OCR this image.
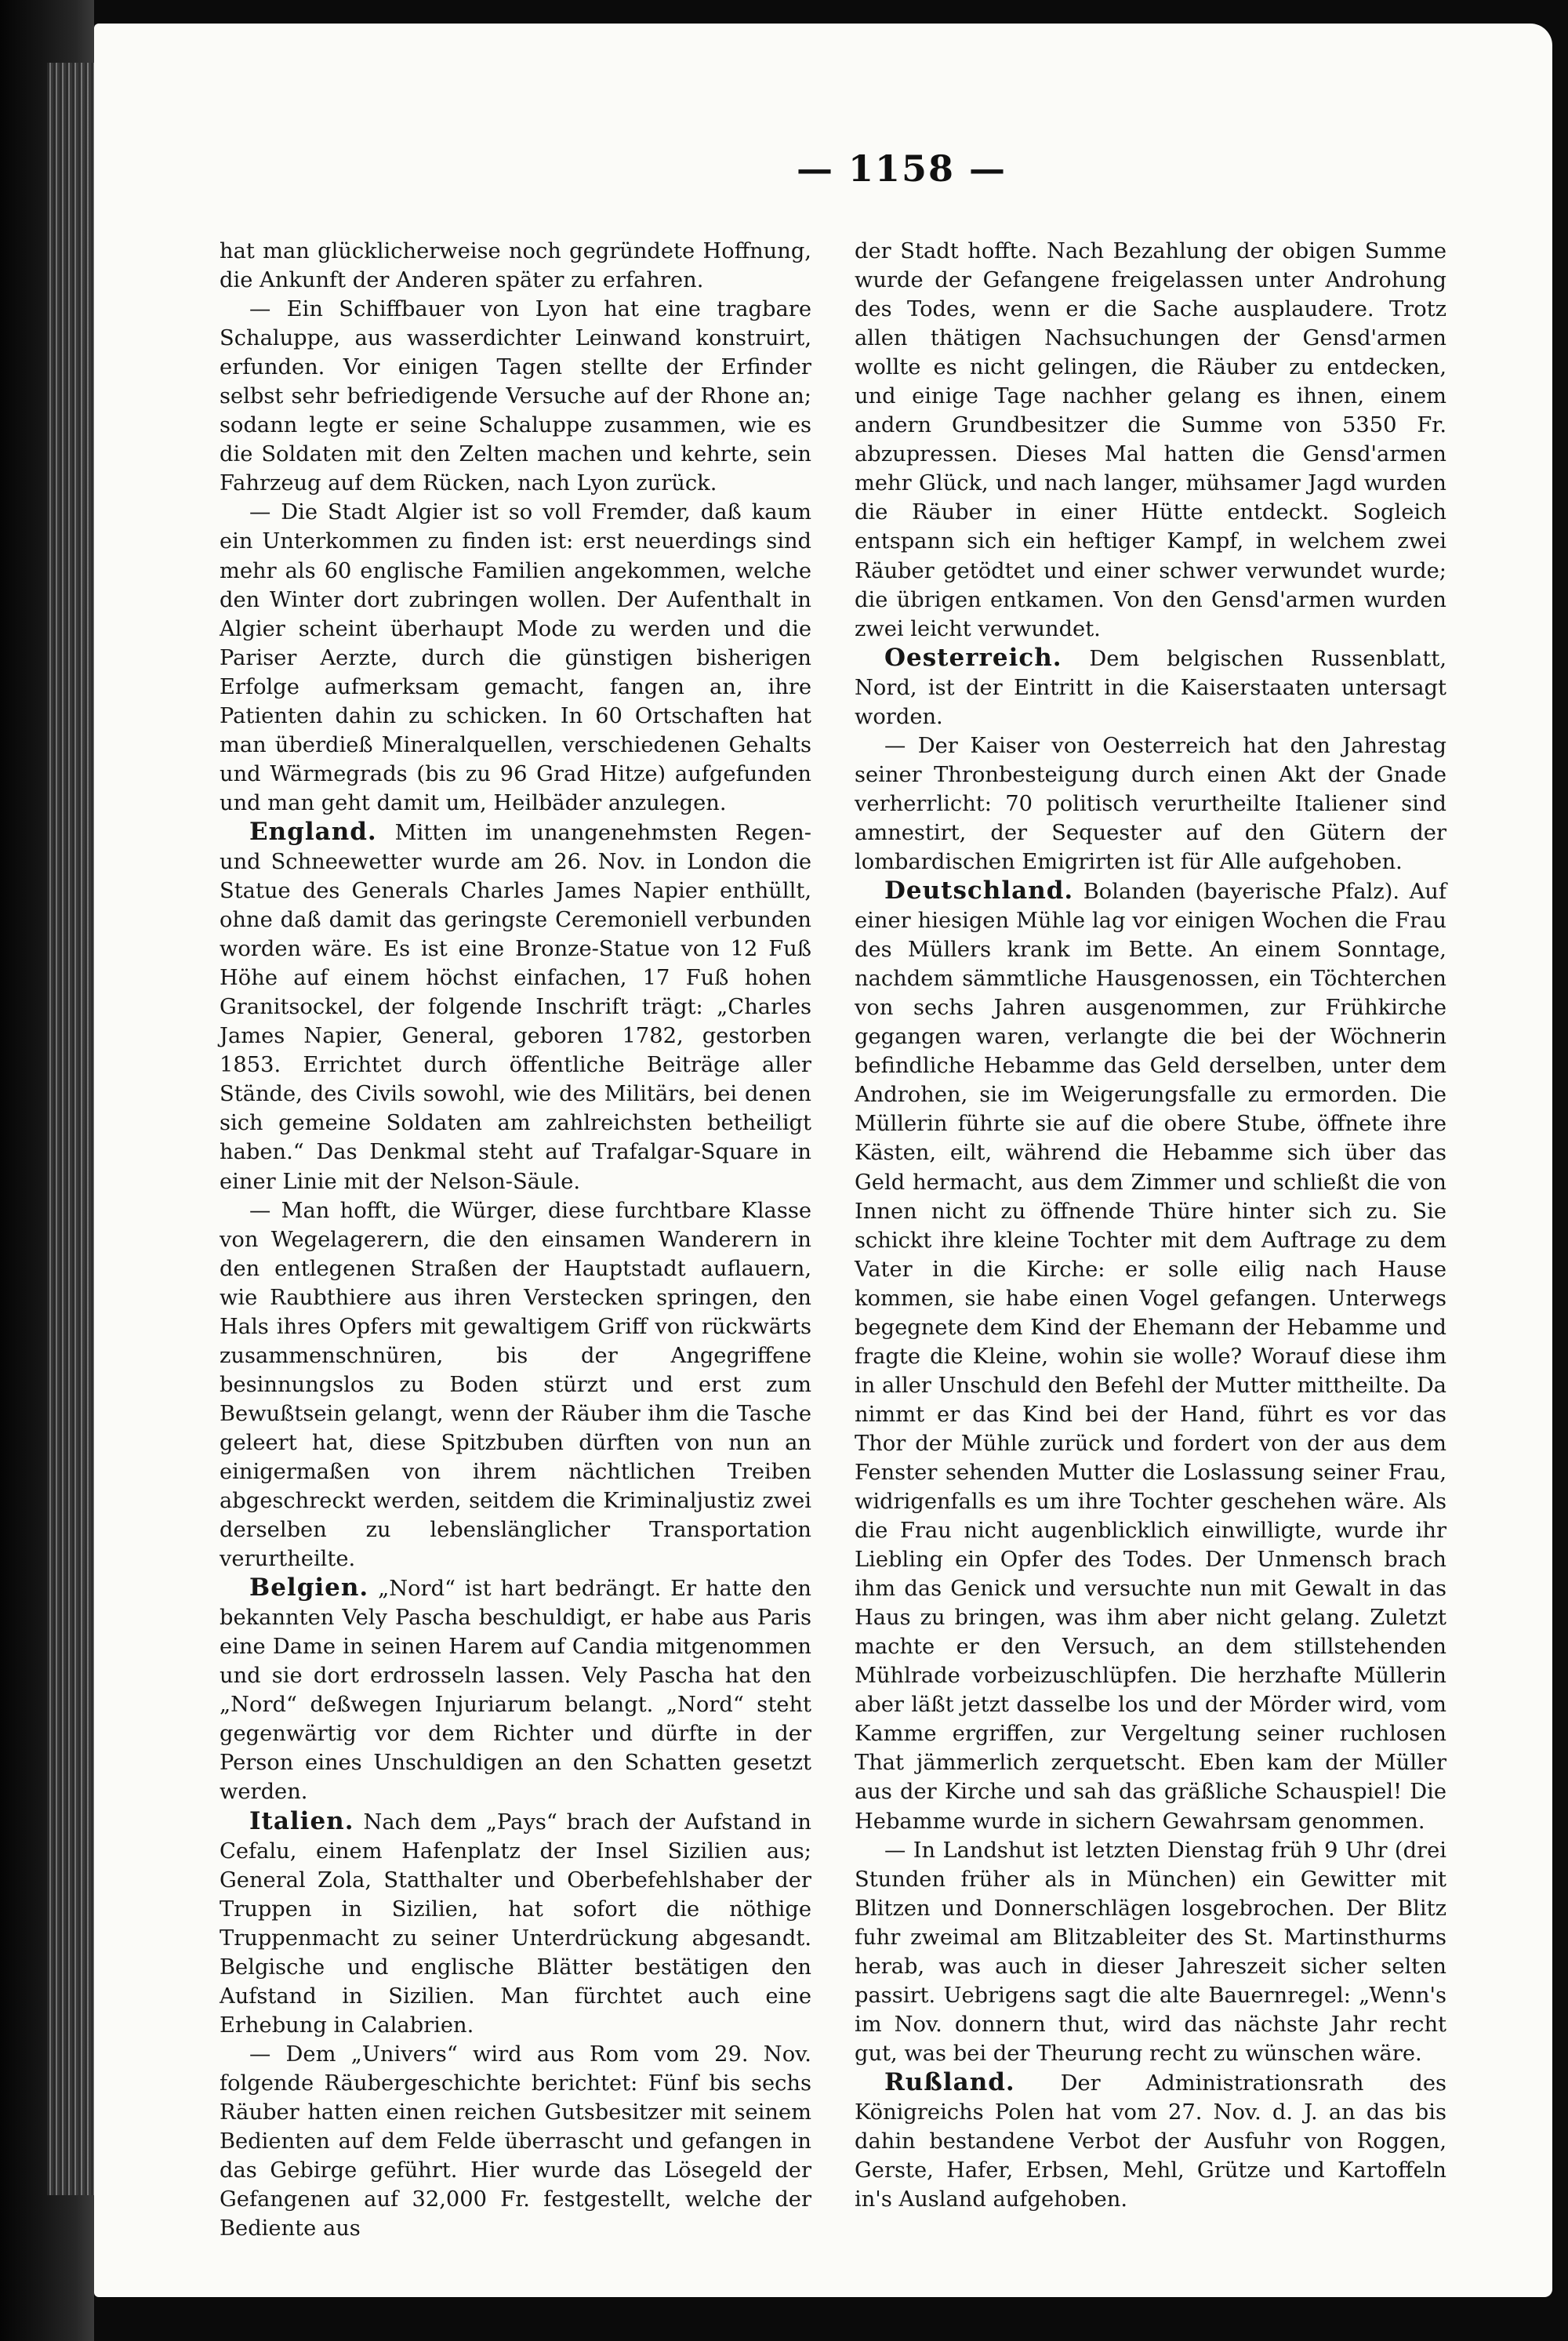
— 1158 —

hat man glücklicherweise noch gegründete Hoffnung, die Ankunft der Anderen später zu erfahren.

— Ein Schiffbauer von Lyon hat eine tragbare Schaluppe, aus wasserdichter Leinwand konstruirt, erfunden. Vor einigen Tagen stellte der Erfinder selbst sehr befriedigende Versuche auf der Rhone an; sodann legte er seine Schaluppe zusammen, wie es die Soldaten mit den Zelten machen und kehrte, sein Fahrzeug auf dem Rücken, nach Lyon zurück.

— Die Stadt Algier ist so voll Fremder, daß kaum ein Unterkommen zu finden ist: erst neuerdings sind mehr als 60 englische Familien angekommen, welche den Winter dort zubringen wollen. Der Aufenthalt in Algier scheint überhaupt Mode zu werden und die Pariser Aerzte, durch die günstigen bisherigen Erfolge aufmerksam gemacht, fangen an, ihre Patienten dahin zu schicken. In 60 Ortschaften hat man überdieß Mineralquellen, verschiedenen Gehalts und Wärmegrads (bis zu 96 Grad Hitze) aufgefunden und man geht damit um, Heilbäder anzulegen.

England. Mitten im unangenehmsten Regen- und Schneewetter wurde am 26. Nov. in London die Statue des Generals Charles James Napier enthüllt, ohne daß damit das geringste Ceremoniell verbunden worden wäre. Es ist eine Bronze-Statue von 12 Fuß Höhe auf einem höchst einfachen, 17 Fuß hohen Granitsockel, der folgende Inschrift trägt: „Charles James Napier, General, geboren 1782, gestorben 1853. Errichtet durch öffentliche Beiträge aller Stände, des Civils sowohl, wie des Militärs, bei denen sich gemeine Soldaten am zahlreichsten betheiligt haben.“ Das Denkmal steht auf Trafalgar-Square in einer Linie mit der Nelson-Säule.

— Man hofft, die Würger, diese furchtbare Klasse von Wegelagerern, die den einsamen Wanderern in den entlegenen Straßen der Hauptstadt auflauern, wie Raubthiere aus ihren Verstecken springen, den Hals ihres Opfers mit gewaltigem Griff von rückwärts zusammenschnüren, bis der Angegriffene besinnungslos zu Boden stürzt und erst zum Bewußtsein gelangt, wenn der Räuber ihm die Tasche geleert hat, diese Spitzbuben dürften von nun an einigermaßen von ihrem nächtlichen Treiben abgeschreckt werden, seitdem die Kriminaljustiz zwei derselben zu lebenslänglicher Transportation verurtheilte.

Belgien. „Nord“ ist hart bedrängt. Er hatte den bekannten Vely Pascha beschuldigt, er habe aus Paris eine Dame in seinen Harem auf Candia mitgenommen und sie dort erdrosseln lassen. Vely Pascha hat den „Nord“ deßwegen Injuriarum belangt. „Nord“ steht gegenwärtig vor dem Richter und dürfte in der Person eines Unschuldigen an den Schatten gesetzt werden.

Italien. Nach dem „Pays“ brach der Aufstand in Cefalu, einem Hafenplatz der Insel Sizilien aus; General Zola, Statthalter und Oberbefehlshaber der Truppen in Sizilien, hat sofort die nöthige Truppenmacht zu seiner Unterdrückung abgesandt. Belgische und englische Blätter bestätigen den Aufstand in Sizilien. Man fürchtet auch eine Erhebung in Calabrien.

— Dem „Univers“ wird aus Rom vom 29. Nov. folgende Räubergeschichte berichtet: Fünf bis sechs Räuber hatten einen reichen Gutsbesitzer mit seinem Bedienten auf dem Felde überrascht und gefangen in das Gebirge geführt. Hier wurde das Lösegeld der Gefangenen auf 32,000 Fr. festgestellt, welche der Bediente aus

der Stadt hoffte. Nach Bezahlung der obigen Summe wurde der Gefangene freigelassen unter Androhung des Todes, wenn er die Sache ausplaudere. Trotz allen thätigen Nachsuchungen der Gensd'armen wollte es nicht gelingen, die Räuber zu entdecken, und einige Tage nachher gelang es ihnen, einem andern Grundbesitzer die Summe von 5350 Fr. abzupressen. Dieses Mal hatten die Gensd'armen mehr Glück, und nach langer, mühsamer Jagd wurden die Räuber in einer Hütte entdeckt. Sogleich entspann sich ein heftiger Kampf, in welchem zwei Räuber getödtet und einer schwer verwundet wurde; die übrigen entkamen. Von den Gensd'armen wurden zwei leicht verwundet.

Oesterreich. Dem belgischen Russenblatt, Nord, ist der Eintritt in die Kaiserstaaten untersagt worden.

— Der Kaiser von Oesterreich hat den Jahrestag seiner Thronbesteigung durch einen Akt der Gnade verherrlicht: 70 politisch verurtheilte Italiener sind amnestirt, der Sequester auf den Gütern der lombardischen Emigrirten ist für Alle aufgehoben.

Deutschland. Bolanden (bayerische Pfalz). Auf einer hiesigen Mühle lag vor einigen Wochen die Frau des Müllers krank im Bette. An einem Sonntage, nachdem sämmtliche Hausgenossen, ein Töchterchen von sechs Jahren ausgenommen, zur Frühkirche gegangen waren, verlangte die bei der Wöchnerin befindliche Hebamme das Geld derselben, unter dem Androhen, sie im Weigerungsfalle zu ermorden. Die Müllerin führte sie auf die obere Stube, öffnete ihre Kästen, eilt, während die Hebamme sich über das Geld hermacht, aus dem Zimmer und schließt die von Innen nicht zu öffnende Thüre hinter sich zu. Sie schickt ihre kleine Tochter mit dem Auftrage zu dem Vater in die Kirche: er solle eilig nach Hause kommen, sie habe einen Vogel gefangen. Unterwegs begegnete dem Kind der Ehemann der Hebamme und fragte die Kleine, wohin sie wolle? Worauf diese ihm in aller Unschuld den Befehl der Mutter mittheilte. Da nimmt er das Kind bei der Hand, führt es vor das Thor der Mühle zurück und fordert von der aus dem Fenster sehenden Mutter die Loslassung seiner Frau, widrigenfalls es um ihre Tochter geschehen wäre. Als die Frau nicht augenblicklich einwilligte, wurde ihr Liebling ein Opfer des Todes. Der Unmensch brach ihm das Genick und versuchte nun mit Gewalt in das Haus zu bringen, was ihm aber nicht gelang. Zuletzt machte er den Versuch, an dem stillstehenden Mühlrade vorbeizuschlüpfen. Die herzhafte Müllerin aber läßt jetzt dasselbe los und der Mörder wird, vom Kamme ergriffen, zur Vergeltung seiner ruchlosen That jämmerlich zerquetscht. Eben kam der Müller aus der Kirche und sah das gräßliche Schauspiel! Die Hebamme wurde in sichern Gewahrsam genommen.

— In Landshut ist letzten Dienstag früh 9 Uhr (drei Stunden früher als in München) ein Gewitter mit Blitzen und Donnerschlägen losgebrochen. Der Blitz fuhr zweimal am Blitzableiter des St. Martinsthurms herab, was auch in dieser Jahreszeit sicher selten passirt. Uebrigens sagt die alte Bauernregel: „Wenn's im Nov. donnern thut, wird das nächste Jahr recht gut, was bei der Theurung recht zu wünschen wäre.

Rußland. Der Administrationsrath des Königreichs Polen hat vom 27. Nov. d. J. an das bis dahin bestandene Verbot der Ausfuhr von Roggen, Gerste, Hafer, Erbsen, Mehl, Grütze und Kartoffeln in's Ausland aufgehoben.
